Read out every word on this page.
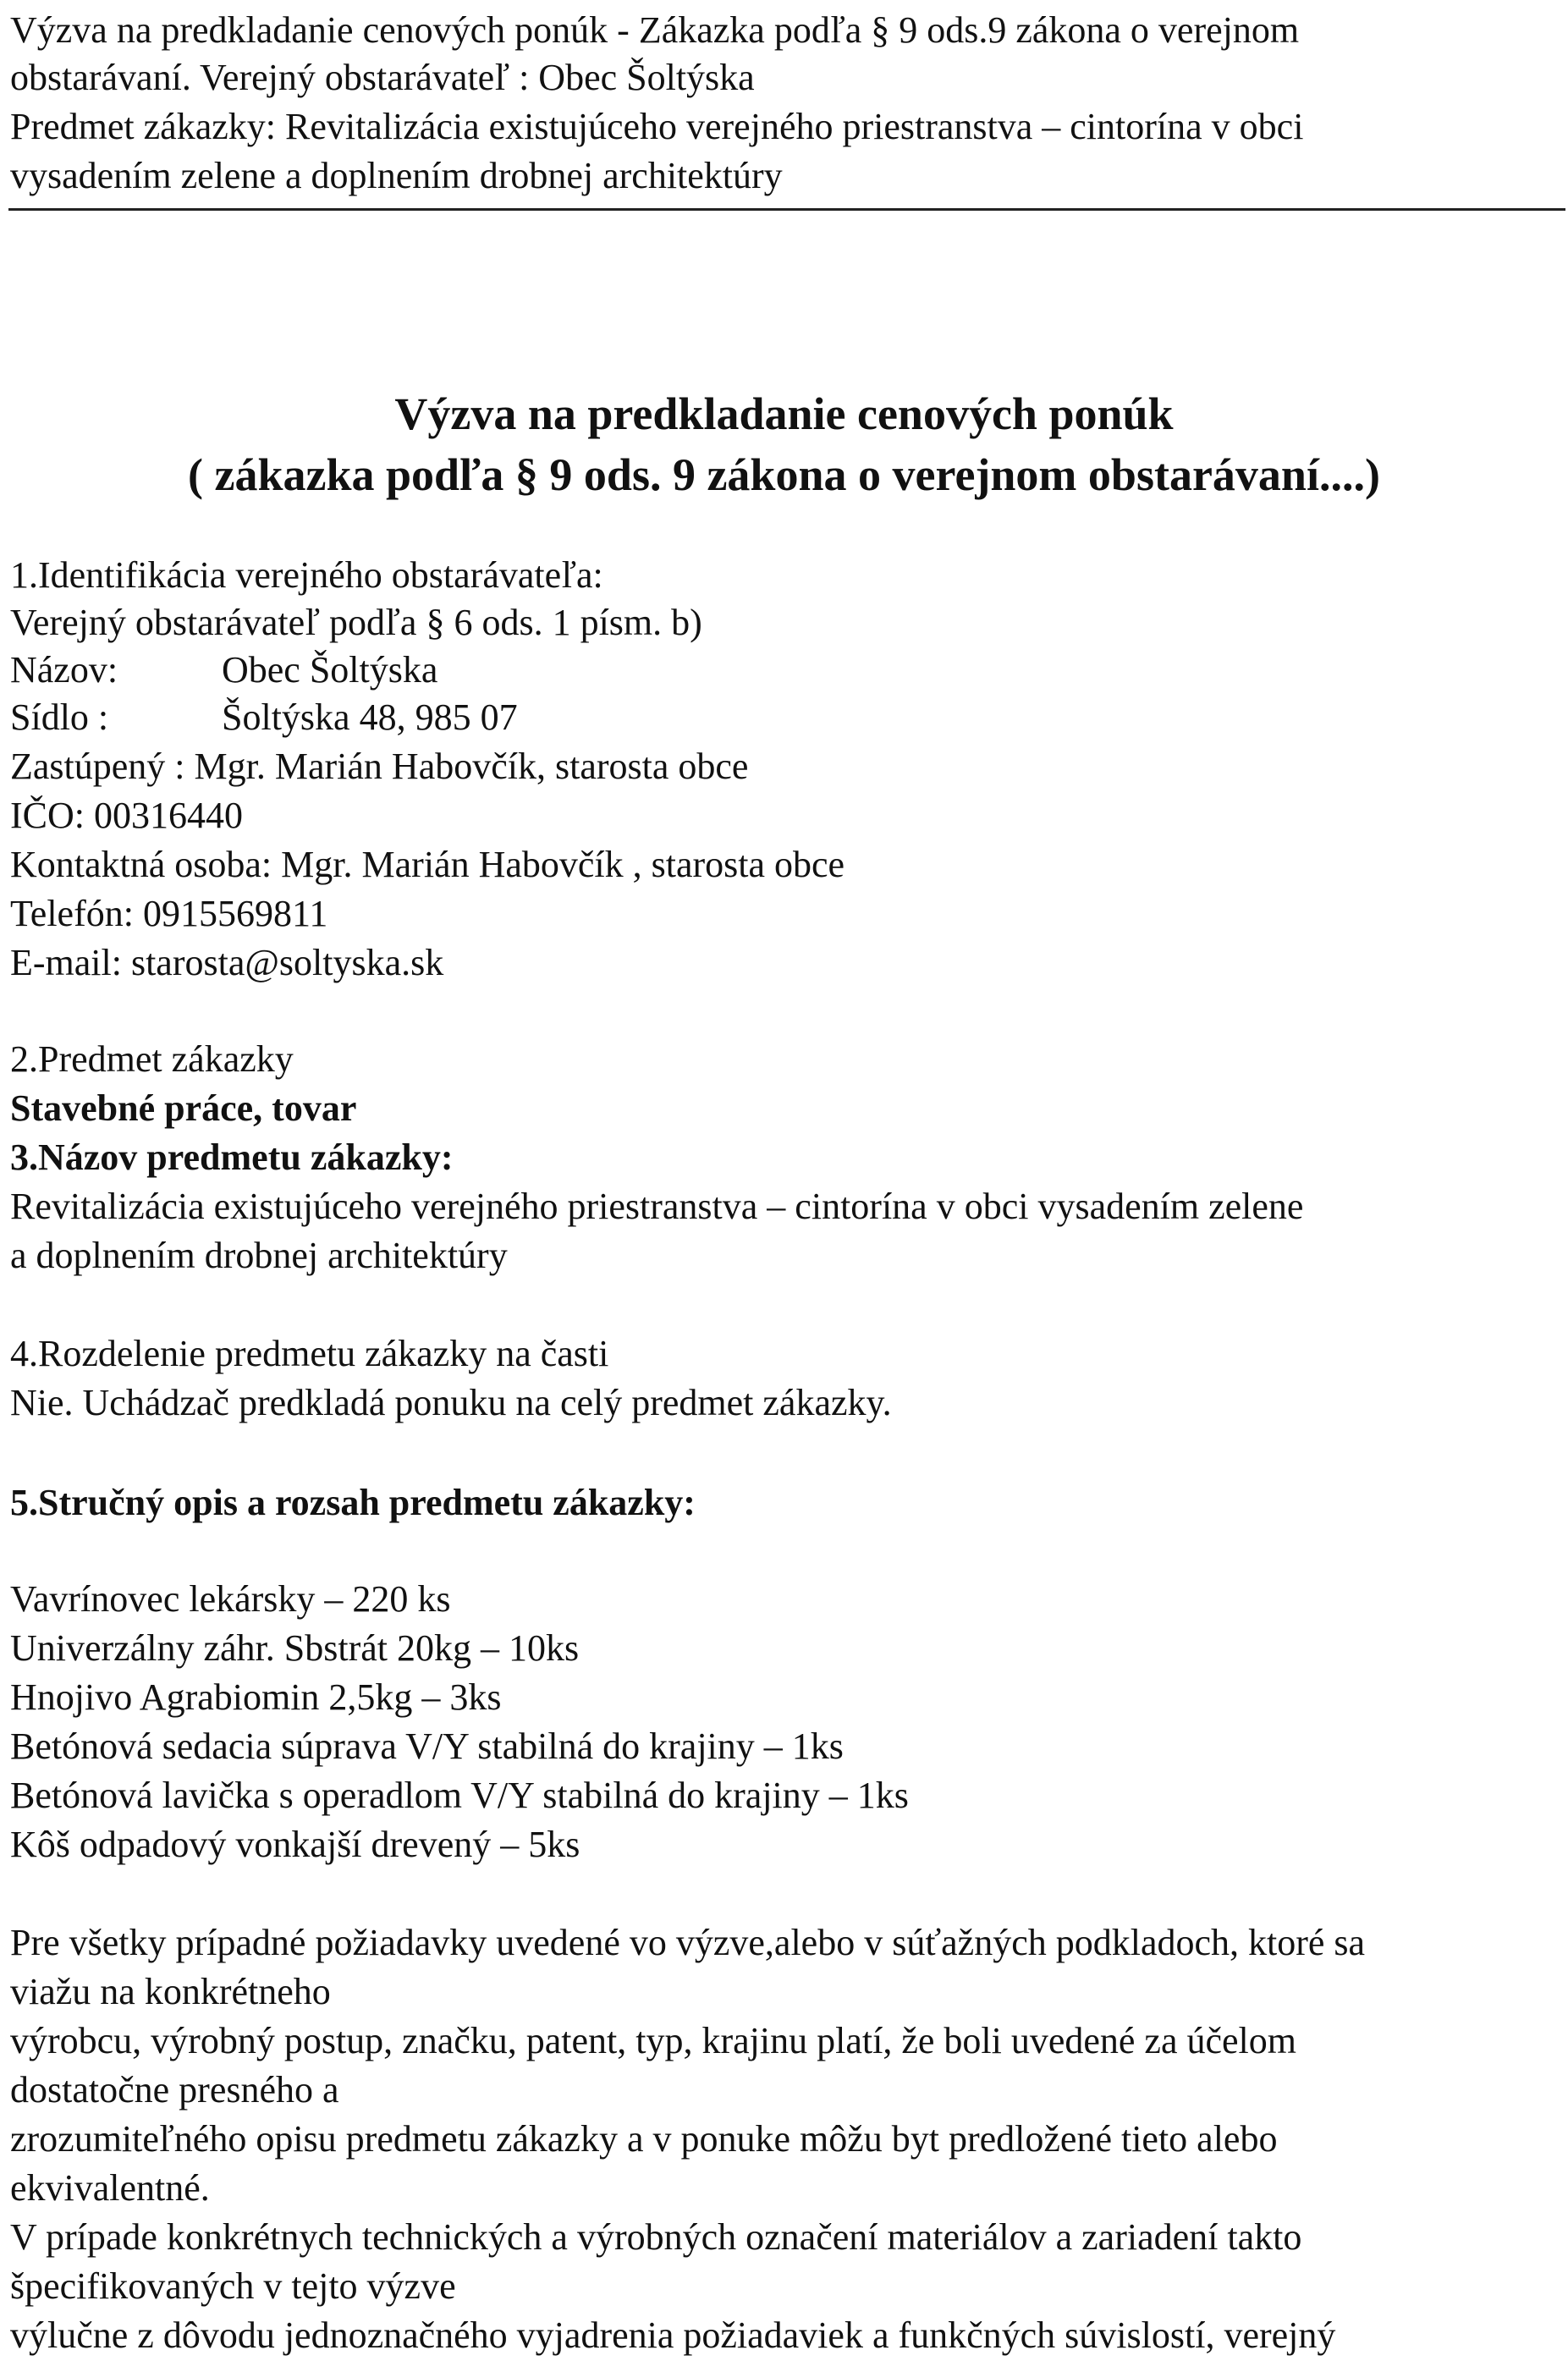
Výzva na predkladanie cenových ponúk - Zákazka podľa § 9 ods.9 zákona o verejnom
obstarávaní. Verejný obstarávateľ : Obec Šoltýska
Predmet zákazky: Revitalizácia existujúceho verejného priestranstva – cintorína v obci
vysadením zelene a doplnením drobnej architektúry
Výzva na predkladanie cenových ponúk
( zákazka podľa § 9 ods. 9 zákona o verejnom obstarávaní....)
1.Identifikácia verejného obstarávateľa:
Verejný obstarávateľ podľa § 6 ods. 1 písm. b)
Názov:	Obec Šoltýska
Sídlo :	Šoltýska 48, 985 07
Zastúpený : Mgr. Marián Habovčík, starosta obce
IČO: 00316440
Kontaktná osoba: Mgr. Marián Habovčík , starosta obce
Telefón: 0915569811
E-mail: starosta@soltyska.sk
2.Predmet zákazky
Stavebné práce, tovar
3.Názov predmetu zákazky:
Revitalizácia existujúceho verejného priestranstva – cintorína v obci vysadením zelene
a doplnením drobnej architektúry
4.Rozdelenie predmetu zákazky na časti
Nie. Uchádzač predkladá ponuku na celý predmet zákazky.
5.Stručný opis a rozsah predmetu zákazky:
Vavrínovec lekársky – 220 ks
Univerzálny záhr. Sbstrát 20kg – 10ks
Hnojivo Agrabiomin 2,5kg – 3ks
Betónová sedacia súprava V/Y stabilná do krajiny – 1ks
Betónová lavička s operadlom V/Y stabilná do krajiny – 1ks
Kôš odpadový vonkajší drevený – 5ks
Pre všetky prípadné požiadavky uvedené vo výzve,alebo v súťažných podkladoch, ktoré sa
viažu na konkrétneho
výrobcu, výrobný postup, značku, patent, typ, krajinu platí, že boli uvedené za účelom
dostatočne presného a
zrozumiteľného opisu predmetu zákazky a v ponuke môžu byt predložené tieto alebo
ekvivalentné.
V prípade konkrétnych technických a výrobných označení materiálov a zariadení takto
špecifikovaných v tejto výzve
výlučne z dôvodu jednoznačného vyjadrenia požiadaviek a funkčných súvislostí, verejný
